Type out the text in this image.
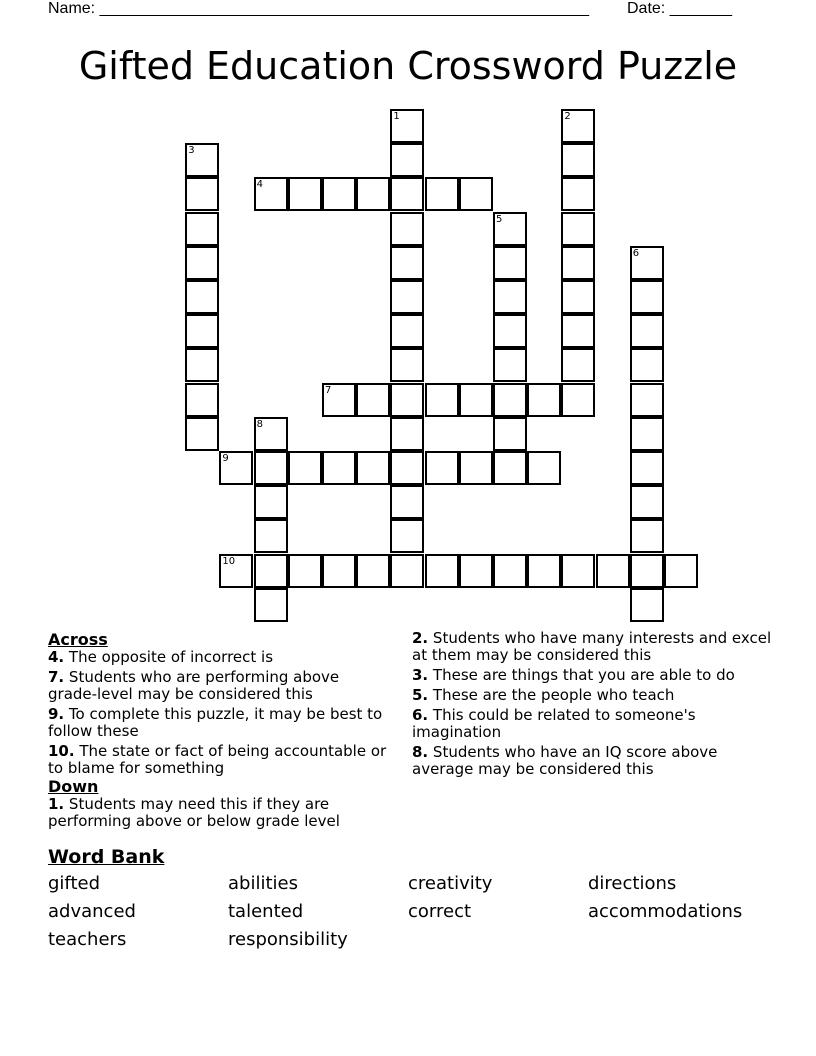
Name: _______________________________________________________ Date: _______
Gifted Education Crossword Puzzle
1	2
3
4
5
6
7
8
9
10
Across
4. The opposite of incorrect is
7. Students who are performing above grade-level may be considered this
9. To complete this puzzle, it may be best to follow these
10. The state or fact of being accountable or to blame for something
Down
1. Students may need this if they are performing above or below grade level
2. Students who have many interests and excel at them may be considered this
3. These are things that you are able to do
5. These are the people who teach
6. This could be related to someone's imagination
8. Students who have an IQ score above average may be considered this
Word Bank
gifted	abilities	creativity	directions
advanced	talented	correct	accommodations
teachers	responsibility
